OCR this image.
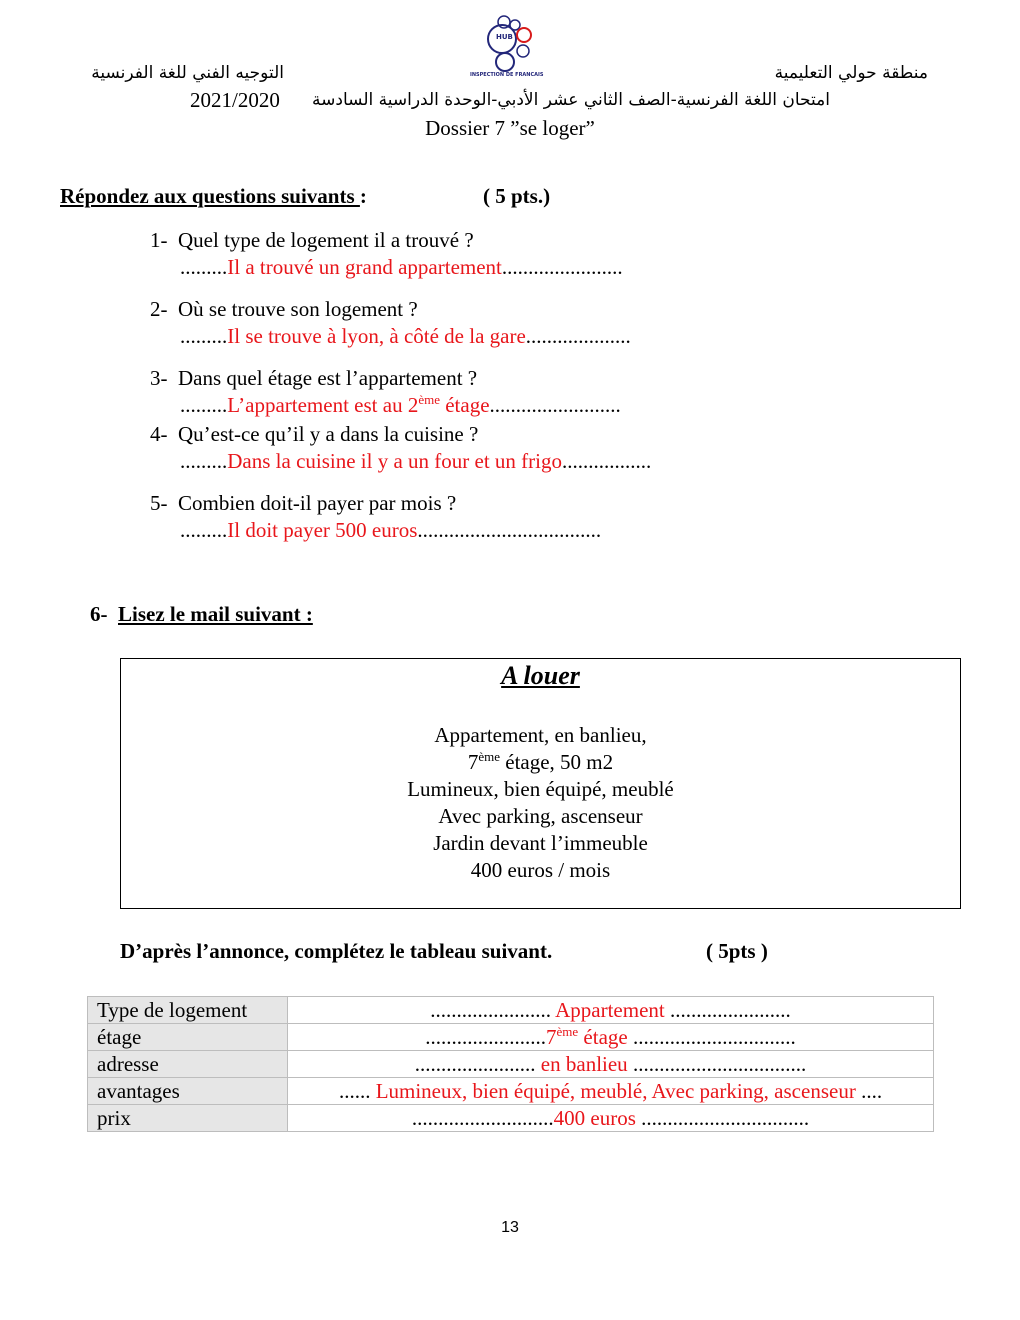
HUB
INSPECTION DE FRANCAIS
التوجيه الفني للغة الفرنسية	منطقة حولي التعليمية
2021/2020	امتحان اللغة الفرنسية-الصف الثاني عشر الأدبي-الوحدة الدراسية السادسة
Dossier 7 ”se loger”
Répondez aux questions suivants :	( 5 pts.)
1- Quel type de logement il a trouvé ?
.........Il a trouvé un grand appartement.......................
2- Où se trouve son logement ?
.........Il se trouve à lyon, à côté de la gare....................
3- Dans quel étage est l’appartement ?
.........L’appartement est au 2ème étage.........................
4- Qu’est-ce qu’il y a dans la cuisine ?
.........Dans la cuisine il y a un four et un frigo.................
5- Combien doit-il payer par mois ?
.........Il doit payer 500 euros...................................
6- Lisez le mail suivant :
A louer
Appartement, en banlieu,
7ème étage, 50 m2
Lumineux, bien équipé, meublé
Avec parking, ascenseur
Jardin devant l’immeuble
400 euros / mois
D’après l’annonce, complétez le tableau suivant.	( 5pts )
Type de logement	....................... Appartement .......................
étage	.......................7ème étage ...............................
adresse	....................... en banlieu .................................
avantages	...... Lumineux, bien équipé, meublé, Avec parking, ascenseur ....
prix	...........................400 euros ................................
13
